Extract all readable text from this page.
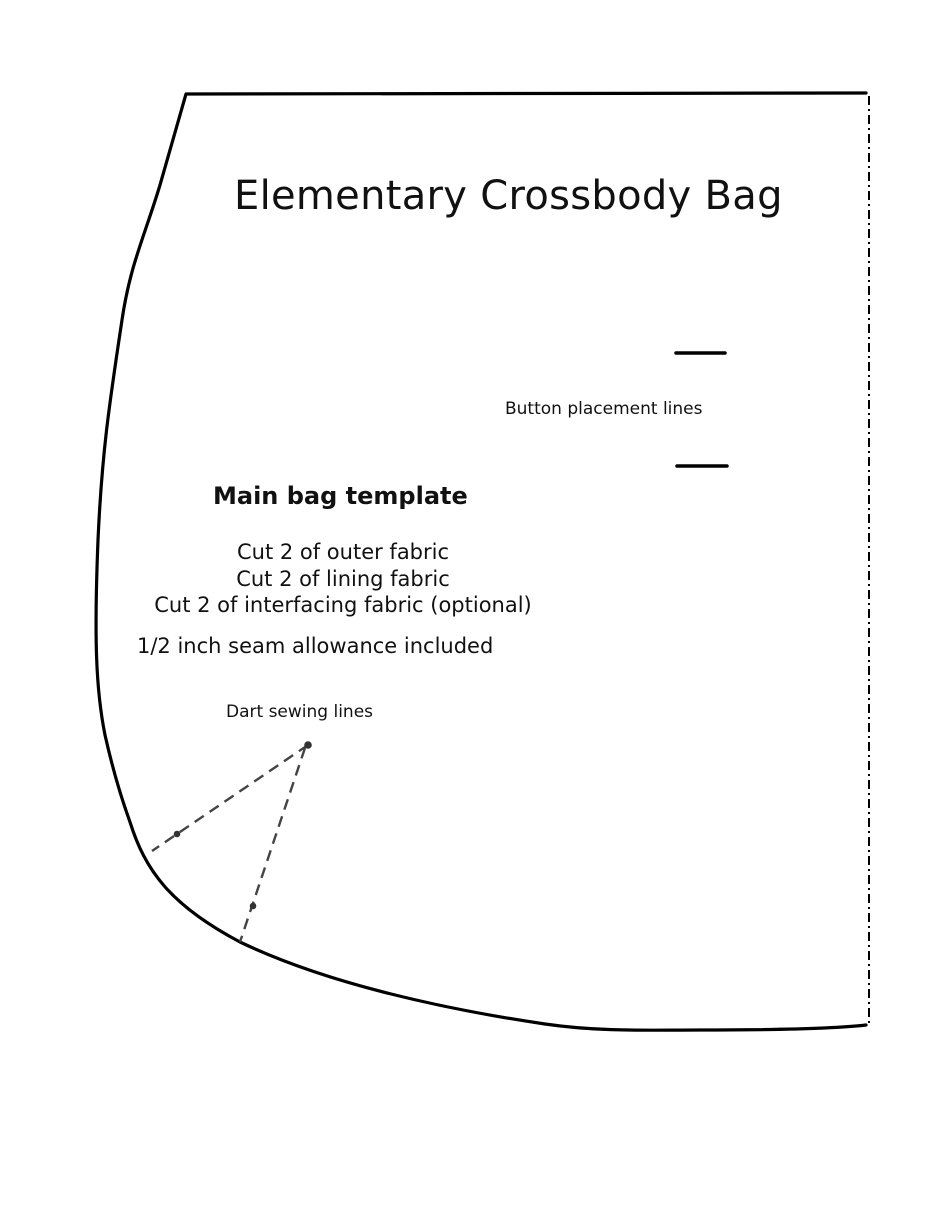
Elementary Crossbody Bag
Button placement lines
Main bag template
Cut 2 of outer fabric
Cut 2 of lining fabric
Cut 2 of interfacing fabric (optional)
1/2 inch seam allowance included
Dart sewing lines
